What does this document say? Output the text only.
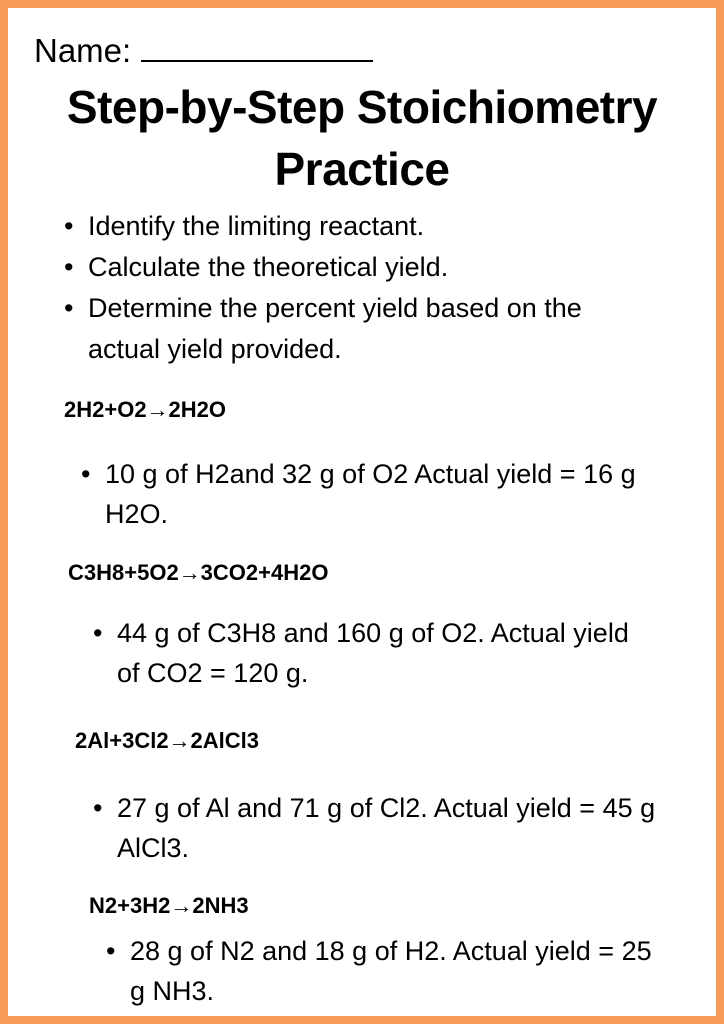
Name:
Step-by-Step Stoichiometry Practice
• Identify the limiting reactant.
• Calculate the theoretical yield.
• Determine the percent yield based on the actual yield provided.
2H2+O2→2H2O
• 10 g of H2and 32 g of O2 Actual yield = 16 g H2O.
C3H8+5O2→3CO2+4H2O
• 44 g of C3H8 and 160 g of O2. Actual yield of CO2 = 120 g.
2Al+3Cl2→2AlCl3
• 27 g of Al and 71 g of Cl2. Actual yield = 45 g AlCl3.
N2+3H2→2NH3
• 28 g of N2 and 18 g of H2. Actual yield = 25 g NH3.
